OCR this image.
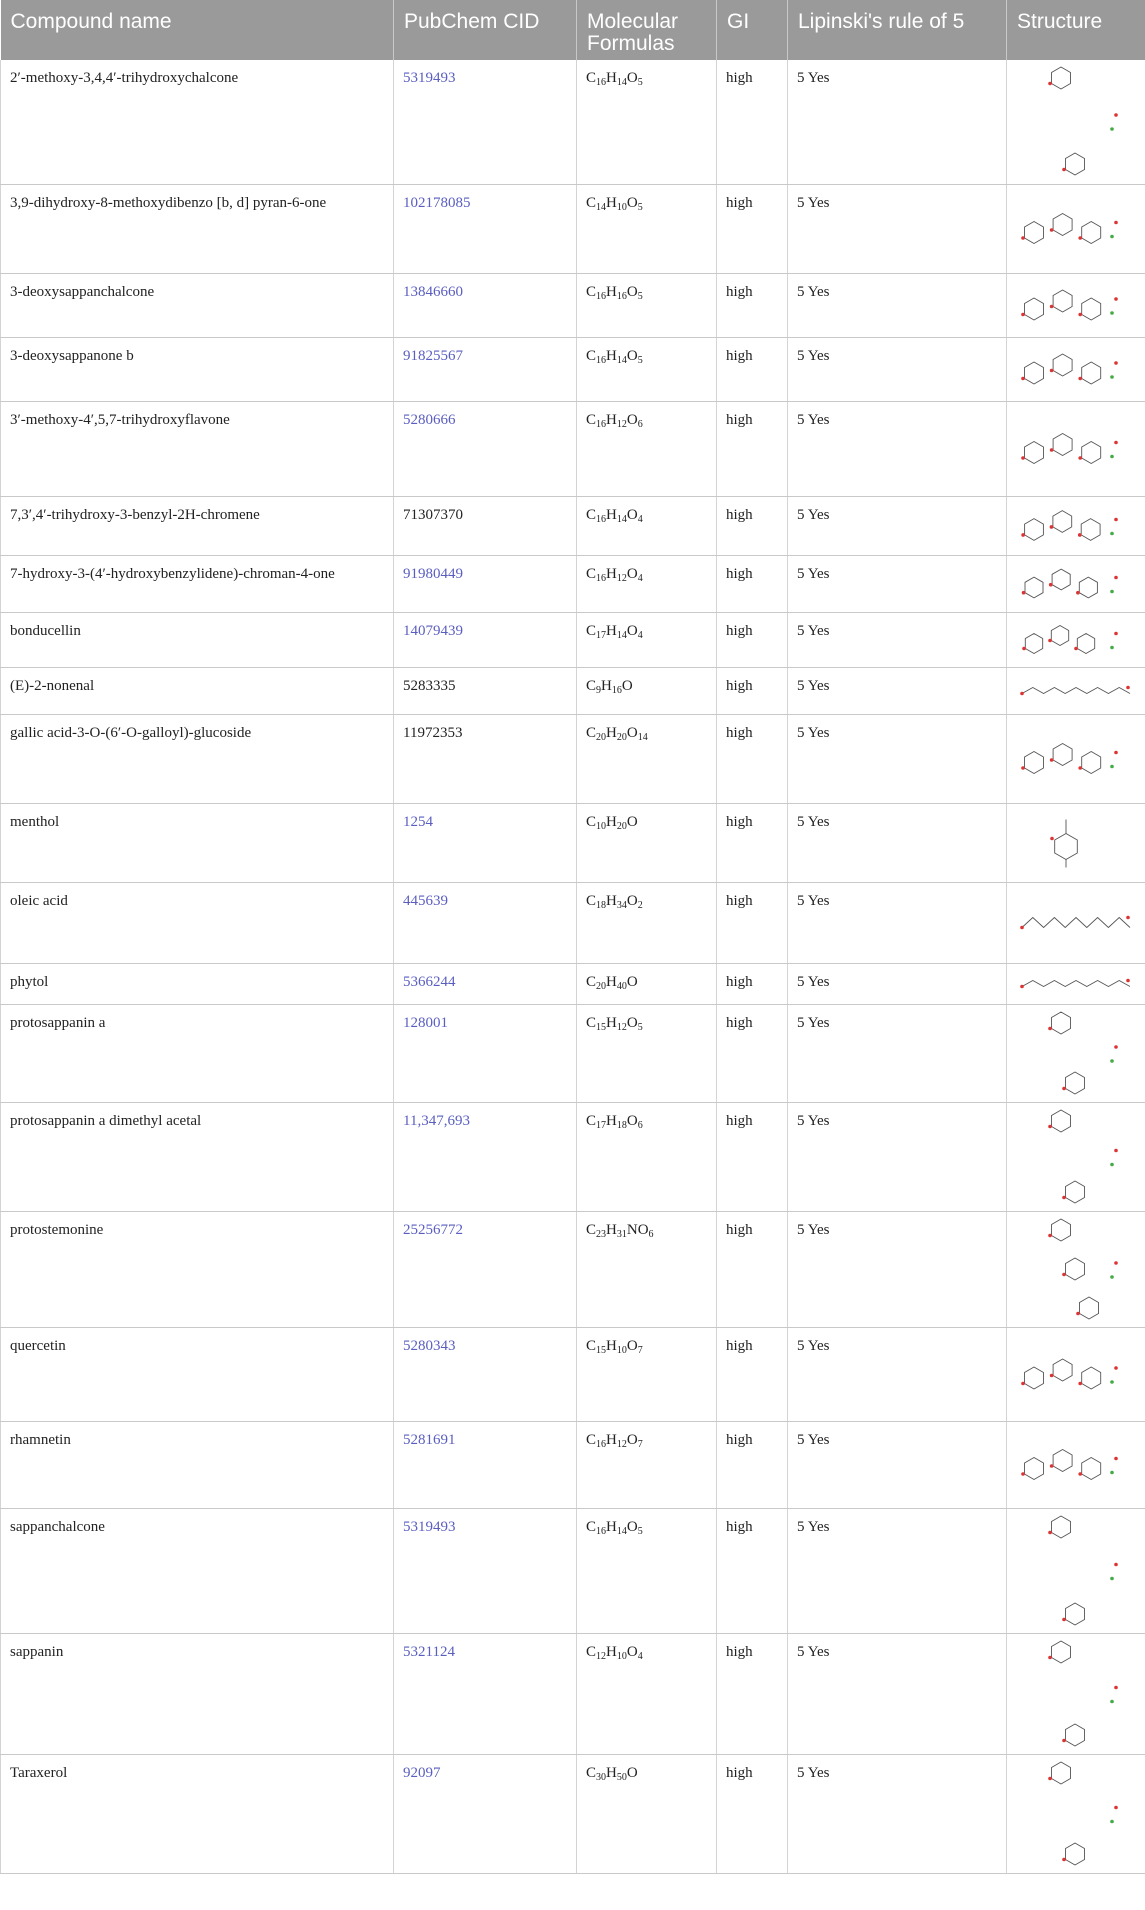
Compound name	PubChem CID	Molecular Formulas	GI	Lipinski's rule of 5	Structure
2′-methoxy-3,4,4′-trihydroxychalcone	5319493	$C_{16}H_{14}O_5$	high	5 Yes	

3,9-dihydroxy-8-methoxydibenzo [b, d] pyran-6-one	102178085	$C_{14}H_{10}O_5$	high	5 Yes	

3-deoxysappanchalcone	13846660	$C_{16}H_{16}O_5$	high	5 Yes	

3-deoxysappanone b	91825567	$C_{16}H_{14}O_5$	high	5 Yes	

3′-methoxy-4′,5,7-trihydroxyflavone	5280666	$C_{16}H_{12}O_6$	high	5 Yes	

7,3′,4′-trihydroxy-3-benzyl-2H-chromene	71307370	$C_{16}H_{14}O_4$	high	5 Yes	

7-hydroxy-3-(4′-hydroxybenzylidene)-chroman-4-one	91980449	$C_{16}H_{12}O_4$	high	5 Yes	

bonducellin	14079439	$C_{17}H_{14}O_4$	high	5 Yes	

(E)-2-nonenal	5283335	$C_9H_{16}O$	high	5 Yes	

gallic acid-3-O-(6′-O-galloyl)-glucoside	11972353	$C_{20}H_{20}O_{14}$	high	5 Yes	

menthol	1254	$C_{10}H_{20}O$	high	5 Yes	

oleic acid	445639	$C_{18}H_{34}O_2$	high	5 Yes	

phytol	5366244	$C_{20}H_{40}O$	high	5 Yes	

protosappanin a	128001	$C_{15}H_{12}O_5$	high	5 Yes	

protosappanin a dimethyl acetal	11,347,693	$C_{17}H_{18}O_6$	high	5 Yes	

protostemonine	25256772	$C_{23}H_{31}NO_6$	high	5 Yes	

quercetin	5280343	$C_{15}H_{10}O_7$	high	5 Yes	

rhamnetin	5281691	$C_{16}H_{12}O_7$	high	5 Yes	

sappanchalcone	5319493	$C_{16}H_{14}O_5$	high	5 Yes	

sappanin	5321124	$C_{12}H_{10}O_4$	high	5 Yes	

Taraxerol	92097	$C_{30}H_{50}O$	high	5 Yes	
